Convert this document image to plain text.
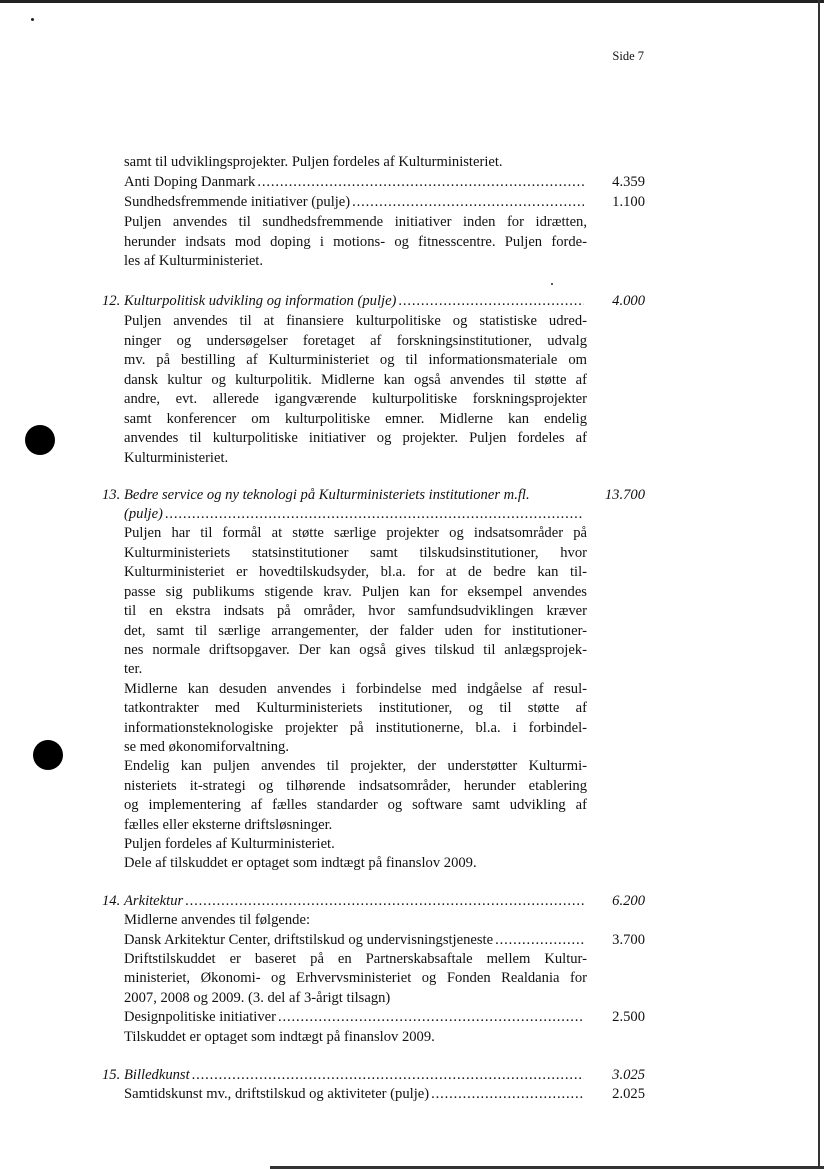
Side 7
samt til udviklingsprojekter. Puljen fordeles af Kulturministeriet.
Anti Doping Danmark . . .	4.359
Sundhedsfremmende initiativer (pulje) . . .	1.100
Puljen anvendes til sundhedsfremmende initiativer inden for idrætten,
herunder indsats mod doping i motions- og fitnesscentre. Puljen forde-
les af Kulturministeriet.
12. Kulturpolitisk udvikling og information (pulje) . . .	4.000
Puljen anvendes til at finansiere kulturpolitiske og statistiske udred-
ninger og undersøgelser foretaget af forskningsinstitutioner, udvalg
mv. på bestilling af Kulturministeriet og til informationsmateriale om
dansk kultur og kulturpolitik. Midlerne kan også anvendes til støtte af
andre, evt. allerede igangværende kulturpolitiske forskningsprojekter
samt konferencer om kulturpolitiske emner. Midlerne kan endelig
anvendes til kulturpolitiske initiativer og projekter. Puljen fordeles af
Kulturministeriet.
13. Bedre service og ny teknologi på Kulturministeriets institutioner m.fl.	13.700
(pulje)
. . .
Puljen har til formål at støtte særlige projekter og indsatsområder på
Kulturministeriets statsinstitutioner samt tilskudsinstitutioner, hvor
Kulturministeriet er hovedtilskudsyder, bl.a. for at de bedre kan til-
passe sig publikums stigende krav. Puljen kan for eksempel anvendes
til en ekstra indsats på områder, hvor samfundsudviklingen kræver
det, samt til særlige arrangementer, der falder uden for institutioner-
nes normale driftsopgaver. Der kan også gives tilskud til anlægsprojek-
ter.
Midlerne kan desuden anvendes i forbindelse med indgåelse af resul-
tatkontrakter med Kulturministeriets institutioner, og til støtte af
informationsteknologiske projekter på institutionerne, bl.a. i forbindel-
se med økonomiforvaltning.
Endelig kan puljen anvendes til projekter, der understøtter Kulturmi-
nisteriets it-strategi og tilhørende indsatsområder, herunder etablering
og implementering af fælles standarder og software samt udvikling af
fælles eller eksterne driftsløsninger.
Puljen fordeles af Kulturministeriet.
Dele af tilskuddet er optaget som indtægt på finanslov 2009.
14. Arkitektur . . .	6.200
Midlerne anvendes til følgende:
Dansk Arkitektur Center, driftstilskud og undervisningstjeneste . . .	3.700
Driftstilskuddet er baseret på en Partnerskabsaftale mellem Kultur-
ministeriet, Økonomi- og Erhvervsministeriet og Fonden Realdania for
2007, 2008 og 2009. (3. del af 3-årigt tilsagn)
Designpolitiske initiativer . . .	2.500
Tilskuddet er optaget som indtægt på finanslov 2009.
15. Billedkunst . . .	3.025
Samtidskunst mv., driftstilskud og aktiviteter (pulje) . . .	2.025
